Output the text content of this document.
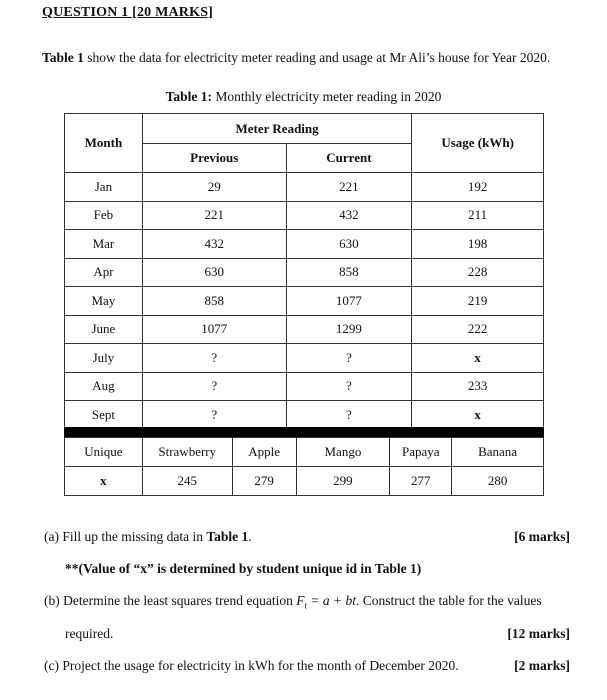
QUESTION 1 [20 MARKS]
Table 1 show the data for electricity meter reading and usage at Mr Ali’s house for Year 2020.
Table 1: Monthly electricity meter reading in 2020
Month	Meter Reading		Usage (kWh)
	Previous	Current	
Jan	29	221	192
Feb	221	432	211
Mar	432	630	198
Apr	630	858	228
May	858	1077	219
June	1077	1299	222
July	?	?	x
Aug	?	?	233
Sept	?	?	x
Unique	Strawberry	Apple	Mango	Papaya	Banana
x	245	279	299	277	280
(a) Fill up the missing data in Table 1.	[6 marks]
**(Value of “x” is determined by student unique id in Table 1)
(b) Determine the least squares trend equation $F_t = a$ + bt. Construct the table for the values
required.	[12 marks]
(c) Project the usage for electricity in kWh for the month of December 2020.	[2 marks]
